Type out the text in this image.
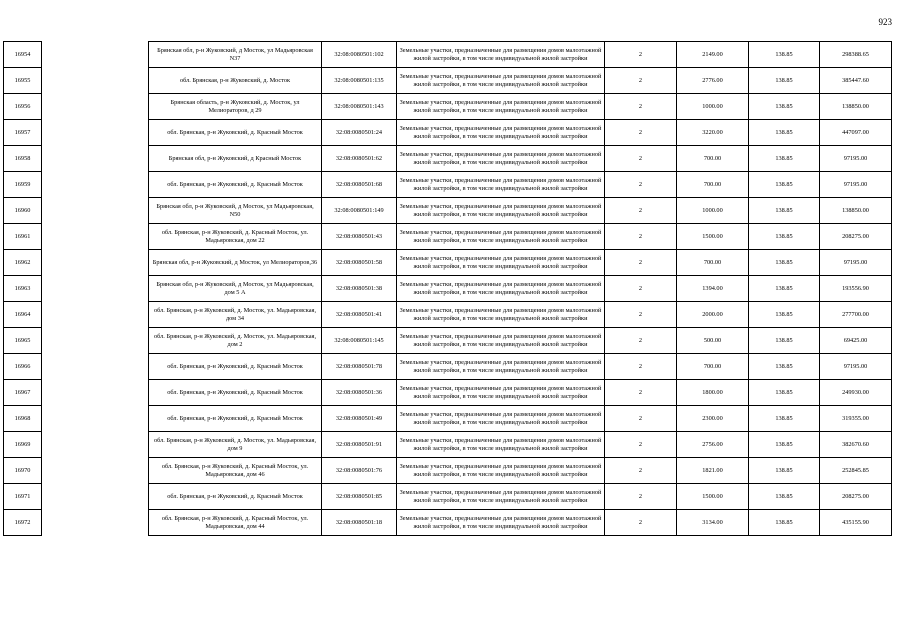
923
16954		Брянская обл, р-н Жуковский, д Мосток, ул Мадьяровская N37	32:08:0080501:102	Земельные участки, предназначенные для размещения домов малоэтажной жилой застройки, в том числе индивидуальной жилой застройки	2	2149.00	138.85	298388.65
16955		обл. Брянская, р-н Жуковский, д. Мосток	32:08:0080501:135	Земельные участки, предназначенные для размещения домов малоэтажной жилой застройки, в том числе индивидуальной жилой застройки	2	2776.00	138.85	385447.60
16956		Брянская область, р-н Жуковский, д. Мосток, ул Мелиораторов, д 29	32:08:0080501:143	Земельные участки, предназначенные для размещения домов малоэтажной жилой застройки, в том числе индивидуальной жилой застройки	2	1000.00	138.85	138850.00
16957		обл. Брянская, р-н Жуковский, д. Красный Мосток	32:08:0080501:24	Земельные участки, предназначенные для размещения домов малоэтажной жилой застройки, в том числе индивидуальной жилой застройки	2	3220.00	138.85	447097.00
16958		Брянская обл, р-н Жуковский, д Красный Мосток	32:08:0080501:62	Земельные участки, предназначенные для размещения домов малоэтажной жилой застройки, в том числе индивидуальной жилой застройки	2	700.00	138.85	97195.00
16959		обл. Брянская, р-н Жуковский, д. Красный Мосток	32:08:0080501:68	Земельные участки, предназначенные для размещения домов малоэтажной жилой застройки, в том числе индивидуальной жилой застройки	2	700.00	138.85	97195.00
16960		Брянская обл, р-н Жуковский, д Мосток, ул Мадьяровская, N50	32:08:0080501:149	Земельные участки, предназначенные для размещения домов малоэтажной жилой застройки, в том числе индивидуальной жилой застройки	2	1000.00	138.85	138850.00
16961		обл. Брянская, р-н Жуковский, д. Красный Мосток, ул. Мадьяровская, дом 22	32:08:0080501:43	Земельные участки, предназначенные для размещения домов малоэтажной жилой застройки, в том числе индивидуальной жилой застройки	2	1500.00	138.85	208275.00
16962		Брянская обл, р-н Жуковский, д Мосток, ул Мелиораторов,36	32:08:0080501:58	Земельные участки, предназначенные для размещения домов малоэтажной жилой застройки, в том числе индивидуальной жилой застройки	2	700.00	138.85	97195.00
16963		Брянская обл, р-н Жуковский, д Мосток, ул Мадьяровская, дом 5 А	32:08:0080501:38	Земельные участки, предназначенные для размещения домов малоэтажной жилой застройки, в том числе индивидуальной жилой застройки	2	1394.00	138.85	193556.90
16964		обл. Брянская, р-н Жуковский, д. Мосток, ул. Мадьяровская, дом 34	32:08:0080501:41	Земельные участки, предназначенные для размещения домов малоэтажной жилой застройки, в том числе индивидуальной жилой застройки	2	2000.00	138.85	277700.00
16965		обл. Брянская, р-н Жуковский, д. Мосток, ул. Мадьяровская, дом 2	32:08:0080501:145	Земельные участки, предназначенные для размещения домов малоэтажной жилой застройки, в том числе индивидуальной жилой застройки	2	500.00	138.85	69425.00
16966		обл. Брянская, р-н Жуковский, д. Красный Мосток	32:08:0080501:78	Земельные участки, предназначенные для размещения домов малоэтажной жилой застройки, в том числе индивидуальной жилой застройки	2	700.00	138.85	97195.00
16967		обл. Брянская, р-н Жуковский, д. Красный Мосток	32:08:0080501:36	Земельные участки, предназначенные для размещения домов малоэтажной жилой застройки, в том числе индивидуальной жилой застройки	2	1800.00	138.85	249930.00
16968		обл. Брянская, р-н Жуковский, д. Красный Мосток	32:08:0080501:49	Земельные участки, предназначенные для размещения домов малоэтажной жилой застройки, в том числе индивидуальной жилой застройки	2	2300.00	138.85	319355.00
16969		обл. Брянская, р-н Жуковский, д. Мосток, ул. Мадьяровская, дом 9	32:08:0080501:91	Земельные участки, предназначенные для размещения домов малоэтажной жилой застройки, в том числе индивидуальной жилой застройки	2	2756.00	138.85	382670.60
16970		обл. Брянская, р-н Жуковский, д. Красный Мосток, ул. Мадьяровская, дом 46	32:08:0080501:76	Земельные участки, предназначенные для размещения домов малоэтажной жилой застройки, в том числе индивидуальной жилой застройки	2	1821.00	138.85	252845.85
16971		обл. Брянская, р-н Жуковский, д. Красный Мосток	32:08:0080501:85	Земельные участки, предназначенные для размещения домов малоэтажной жилой застройки, в том числе индивидуальной жилой застройки	2	1500.00	138.85	208275.00
16972		обл. Брянская, р-н Жуковский, д. Красный Мосток, ул. Мадьяровская, дом 44	32:08:0080501:18	Земельные участки, предназначенные для размещения домов малоэтажной жилой застройки, в том числе индивидуальной жилой застройки	2	3134.00	138.85	435155.90
